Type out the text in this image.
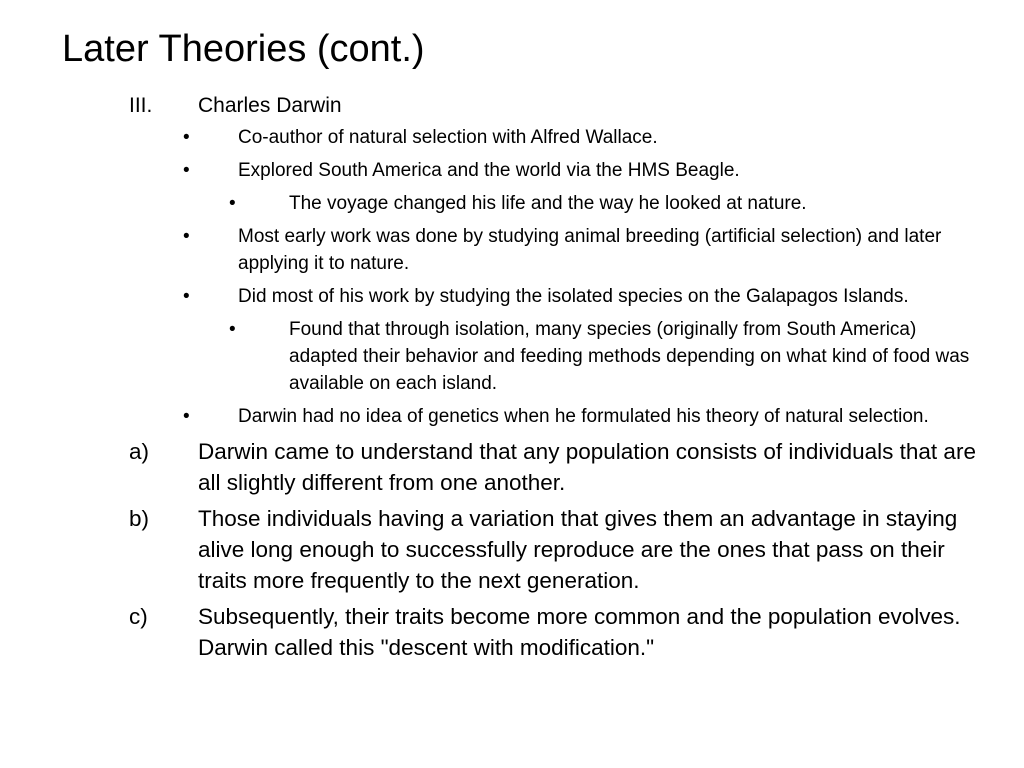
Later Theories (cont.)
III. Charles Darwin
•	Co-author of natural selection with Alfred Wallace.
•	Explored South America and the world via the HMS Beagle.
•	The voyage changed his life and the way he looked at nature.
•	Most early work was done by studying animal breeding (artificial selection) and later applying it to nature.
•	Did most of his work by studying the isolated species on the Galapagos Islands.
•	Found that through isolation, many species (originally from South America) adapted their behavior and feeding methods depending on what kind of food was available on each island.
•	Darwin had no idea of genetics when he formulated his theory of natural selection.
a) Darwin came to understand that any population consists of individuals that are all slightly different from one another.
b) Those individuals having a variation that gives them an advantage in staying alive long enough to successfully reproduce are the ones that pass on their traits more frequently to the next generation.
c) Subsequently, their traits become more common and the population evolves. Darwin called this "descent with modification."
